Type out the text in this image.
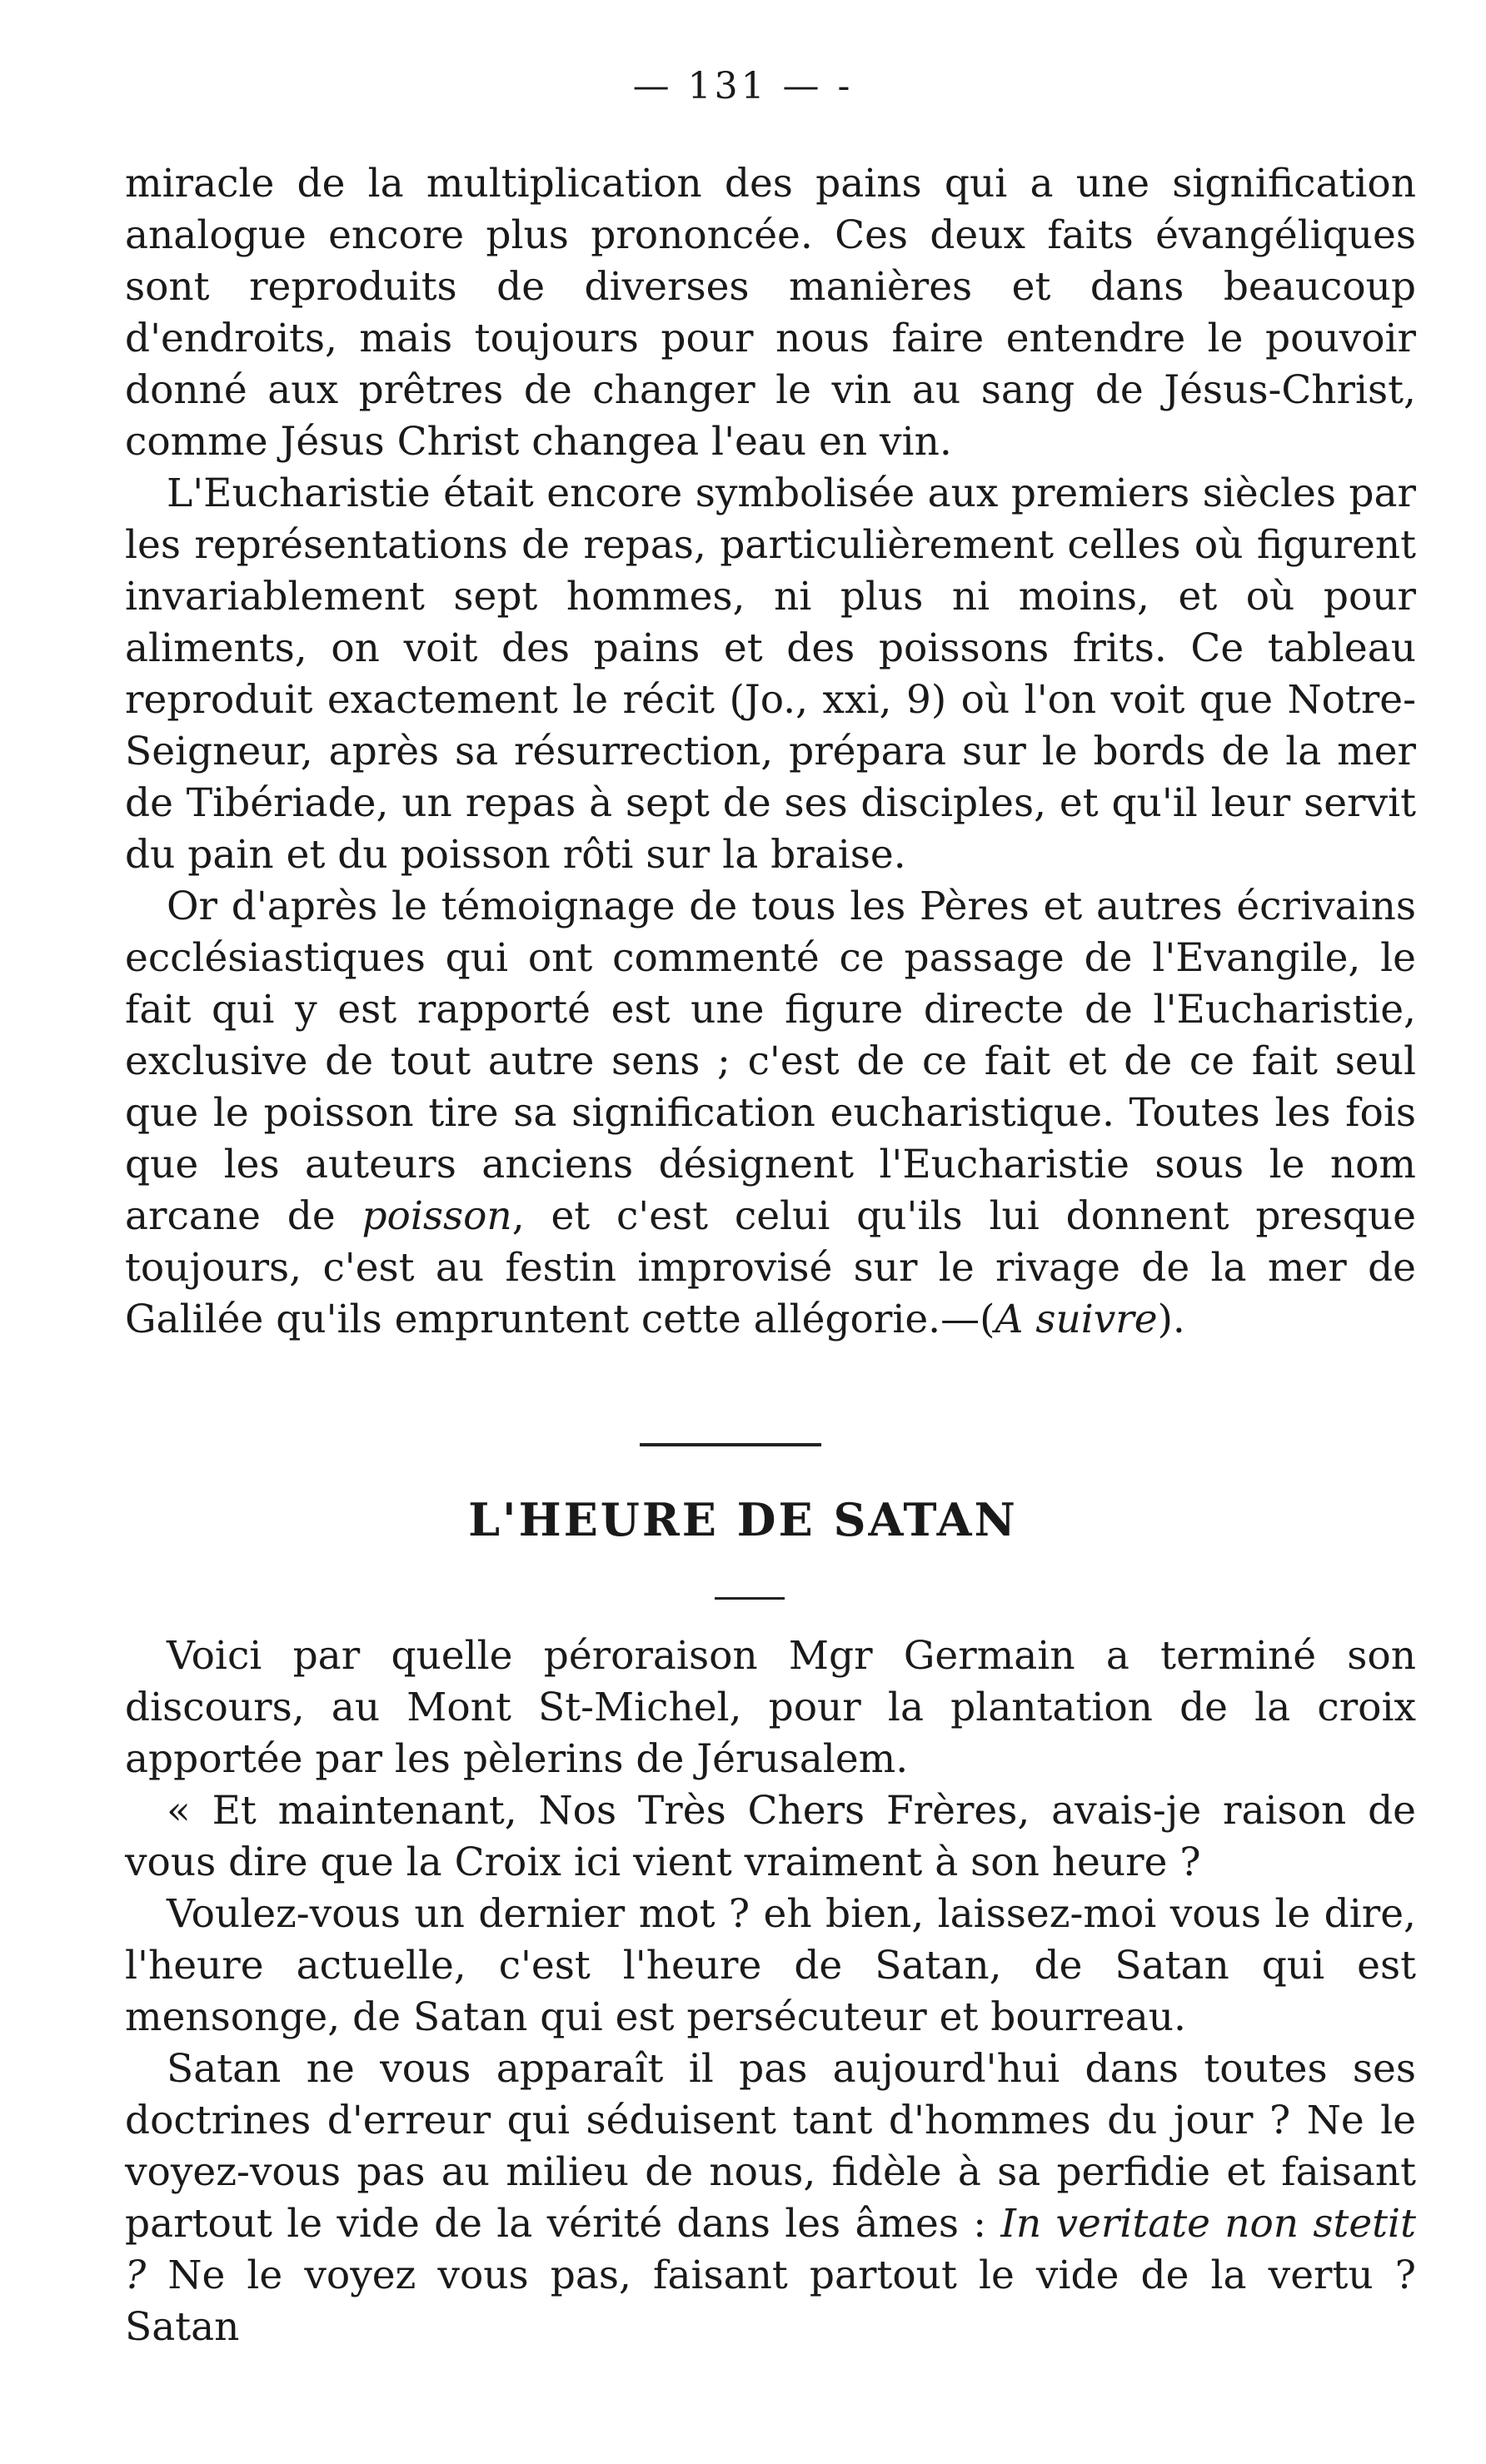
— 131 — -

miracle de la multiplication des pains qui a une signification analogue encore plus prononcée. Ces deux faits évangéliques sont reproduits de diverses manières et dans beaucoup d'endroits, mais toujours pour nous faire entendre le pouvoir donné aux prêtres de changer le vin au sang de Jésus-Christ, comme Jésus Christ changea l'eau en vin.

L'Eucharistie était encore symbolisée aux premiers siècles par les représentations de repas, particulièrement celles où figurent invariablement sept hommes, ni plus ni moins, et où pour aliments, on voit des pains et des poissons frits. Ce tableau reproduit exactement le récit (Jo., xxi, 9) où l'on voit que Notre-Seigneur, après sa résurrection, prépara sur le bords de la mer de Tibériade, un repas à sept de ses disciples, et qu'il leur servit du pain et du poisson rôti sur la braise.

Or d'après le témoignage de tous les Pères et autres écrivains ecclésiastiques qui ont commenté ce passage de l'Evangile, le fait qui y est rapporté est une figure directe de l'Eucharistie, exclusive de tout autre sens ; c'est de ce fait et de ce fait seul que le poisson tire sa signification eucharistique. Toutes les fois que les auteurs anciens désignent l'Eucharistie sous le nom arcane de poisson, et c'est celui qu'ils lui donnent presque toujours, c'est au festin improvisé sur le rivage de la mer de Galilée qu'ils empruntent cette allégorie.—(A suivre).

L'HEURE DE SATAN

Voici par quelle péroraison Mgr Germain a terminé son discours, au Mont St-Michel, pour la plantation de la croix apportée par les pèlerins de Jérusalem.

« Et maintenant, Nos Très Chers Frères, avais-je raison de vous dire que la Croix ici vient vraiment à son heure ?

Voulez-vous un dernier mot ? eh bien, laissez-moi vous le dire, l'heure actuelle, c'est l'heure de Satan, de Satan qui est mensonge, de Satan qui est persécuteur et bourreau.

Satan ne vous apparaît il pas aujourd'hui dans toutes ses doctrines d'erreur qui séduisent tant d'hommes du jour ? Ne le voyez-vous pas au milieu de nous, fidèle à sa perfidie et faisant partout le vide de la vérité dans les âmes : In veritate non stetit ? Ne le voyez vous pas, faisant partout le vide de la vertu ? Satan
